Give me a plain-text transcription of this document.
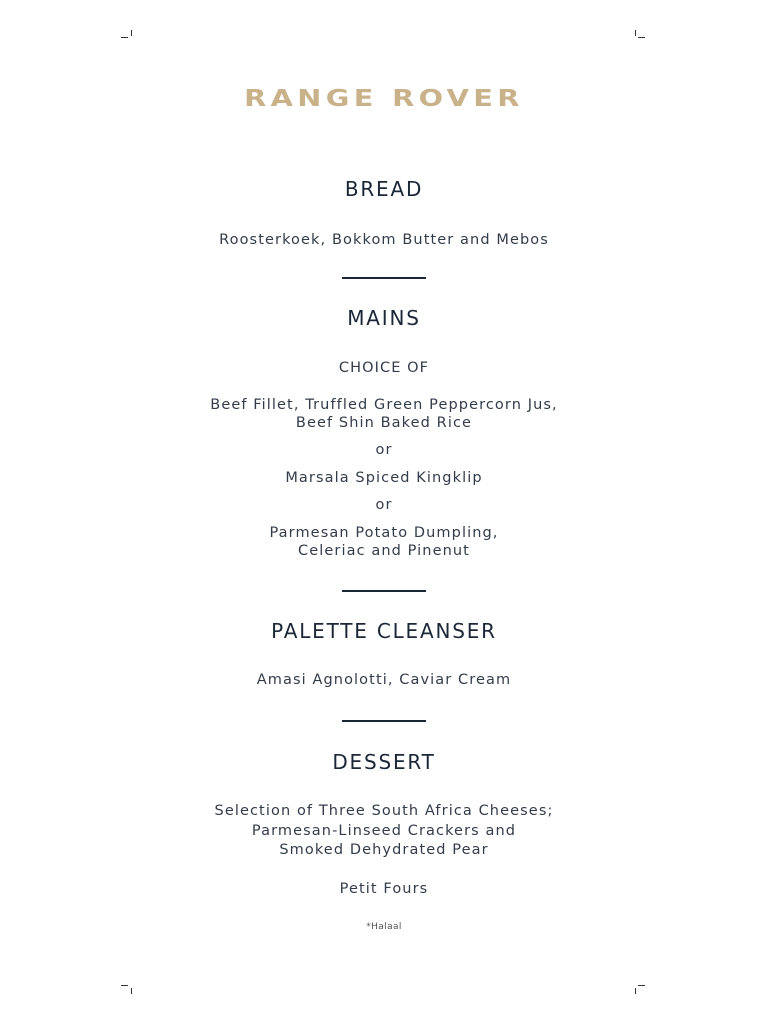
RANGE ROVER
BREAD
Roosterkoek, Bokkom Butter and Mebos
MAINS
CHOICE OF
Beef Fillet, Truffled Green Peppercorn Jus,
Beef Shin Baked Rice
or
Marsala Spiced Kingklip
or
Parmesan Potato Dumpling,
Celeriac and Pinenut
PALETTE CLEANSER
Amasi Agnolotti, Caviar Cream
DESSERT
Selection of Three South Africa Cheeses;
Parmesan-Linseed Crackers and
Smoked Dehydrated Pear
Petit Fours
*Halaal
